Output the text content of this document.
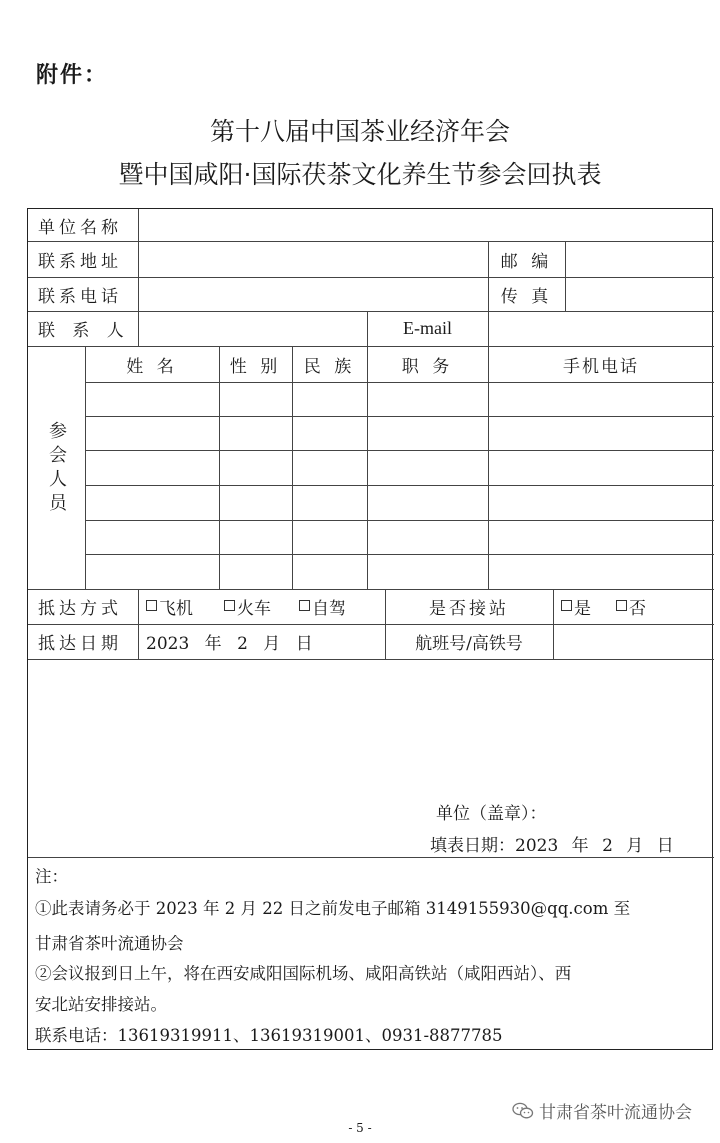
附件：
第十八届中国茶业经济年会
暨中国咸阳·国际茯茶文化养生节参会回执表
单位名称
联系地址	邮 编
联系电话	传 真
联 系 人	E-mail
参会人员
姓 名	性 别	民 族	职 务	手机电话
抵达方式 飞机	火车 自驾	是否接站	是 否
抵达日期 2023 年 2 月 日	航班号/高铁号
单位（盖章）：
填表日期：2023 年 2 月 日
注：
①此表请务必于 2023 年 2 月 22 日之前发电子邮箱 3149155930@qq.com 至
甘肃省茶叶流通协会
②会议报到日上午，将在西安咸阳国际机场、咸阳高铁站（咸阳西站）、西
安北站安排接站。
联系电话：13619319911、13619319001、0931-8877785
甘肃省茶叶流通协会
- 5 -
